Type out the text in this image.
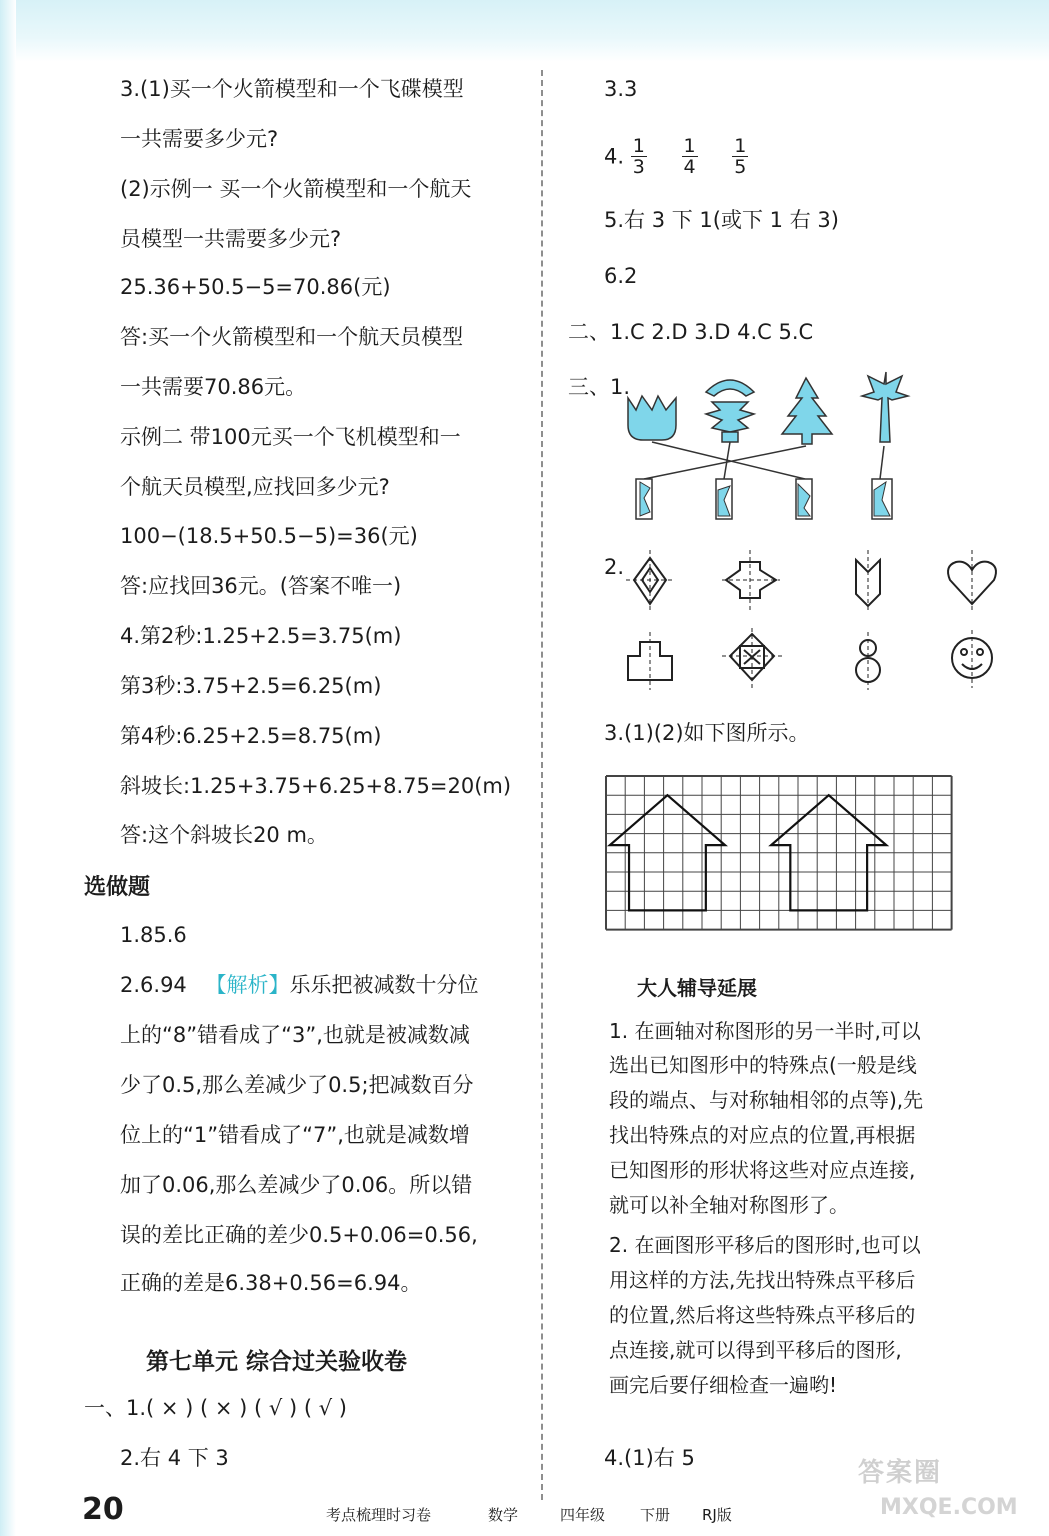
3.(1)买一个火箭模型和一个飞碟模型
一共需要多少元?
(2)示例一 买一个火箭模型和一个航天
员模型一共需要多少元?
25.36+50.5−5=70.86(元)
答:买一个火箭模型和一个航天员模型
一共需要70.86元。
示例二 带100元买一个飞机模型和一
个航天员模型,应找回多少元?
100−(18.5+50.5−5)=36(元)
答:应找回36元。(答案不唯一)
4.第2秒:1.25+2.5=3.75(m)
第3秒:3.75+2.5=6.25(m)
第4秒:6.25+2.5=8.75(m)
斜坡长:1.25+3.75+6.25+8.75=20(m)
答:这个斜坡长20 m。
选做题
1.85.6
2.6.94 【解析】乐乐把被减数十分位
上的“8”错看成了“3”,也就是被减数减
少了0.5,那么差减少了0.5;把减数百分
位上的“1”错看成了“7”,也就是减数增
加了0.06,那么差减少了0.06。所以错
误的差比正确的差少0.5+0.06=0.56,
正确的差是6.38+0.56=6.94。
第七单元 综合过关验收卷
一、1.( × ) ( × ) ( √ ) ( √ )
2.右 4 下 3
3.3
4. $\frac{1}{3}$
$\frac{1}{4}$
$\frac{1}{5}$
5.右 3 下 1(或下 1 右 3)
6.2
二、1.C 2.D 3.D 4.C 5.C
三、1.
2.
3.(1)(2)如下图所示。
大人辅导延展
1. 在画轴对称图形的另一半时,可以
选出已知图形中的特殊点(一般是线
段的端点、与对称轴相邻的点等),先
找出特殊点的对应点的位置,再根据
已知图形的形状将这些对应点连接,
就可以补全轴对称图形了。
2. 在画图形平移后的图形时,也可以
用这样的方法,先找出特殊点平移后
的位置,然后将这些特殊点平移后的
点连接,就可以得到平移后的图形,
画完后要仔细检查一遍哟!
4.(1)右 5
20	考点梳理时习卷	数学	四年级 下册 RJ版
答案圈
MXQE.COM
